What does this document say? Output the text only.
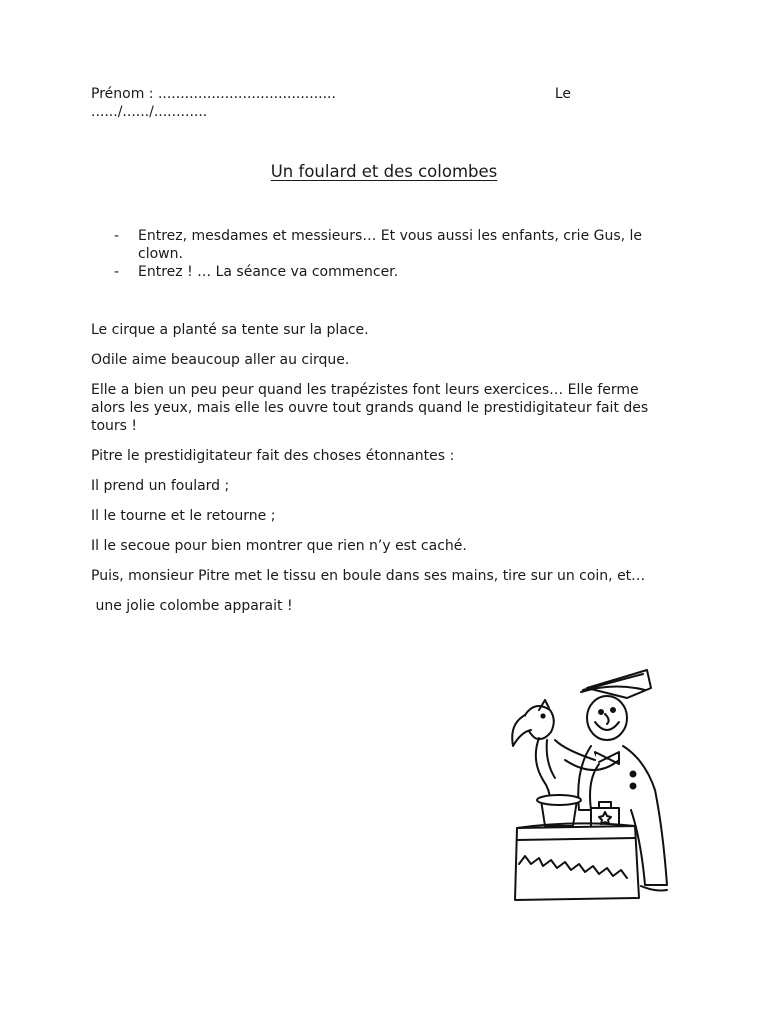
Prénom : ........................................	Le
....../....../............
Un foulard et des colombes
-	Entrez, mesdames et messieurs… Et vous aussi les enfants, crie Gus, le clown.
-	Entrez ! … La séance va commencer.

Le cirque a planté sa tente sur la place.

Odile aime beaucoup aller au cirque.

Elle a bien un peu peur quand les trapézistes font leurs exercices… Elle ferme alors les yeux, mais elle les ouvre tout grands quand le prestidigitateur fait des tours !

Pitre le prestidigitateur fait des choses étonnantes :

Il prend un foulard ;

Il le tourne et le retourne ;

Il le secoue pour bien montrer que rien n’y est caché.

Puis, monsieur Pitre met le tissu en boule dans ses mains, tire sur un coin, et…

une jolie colombe apparait !
